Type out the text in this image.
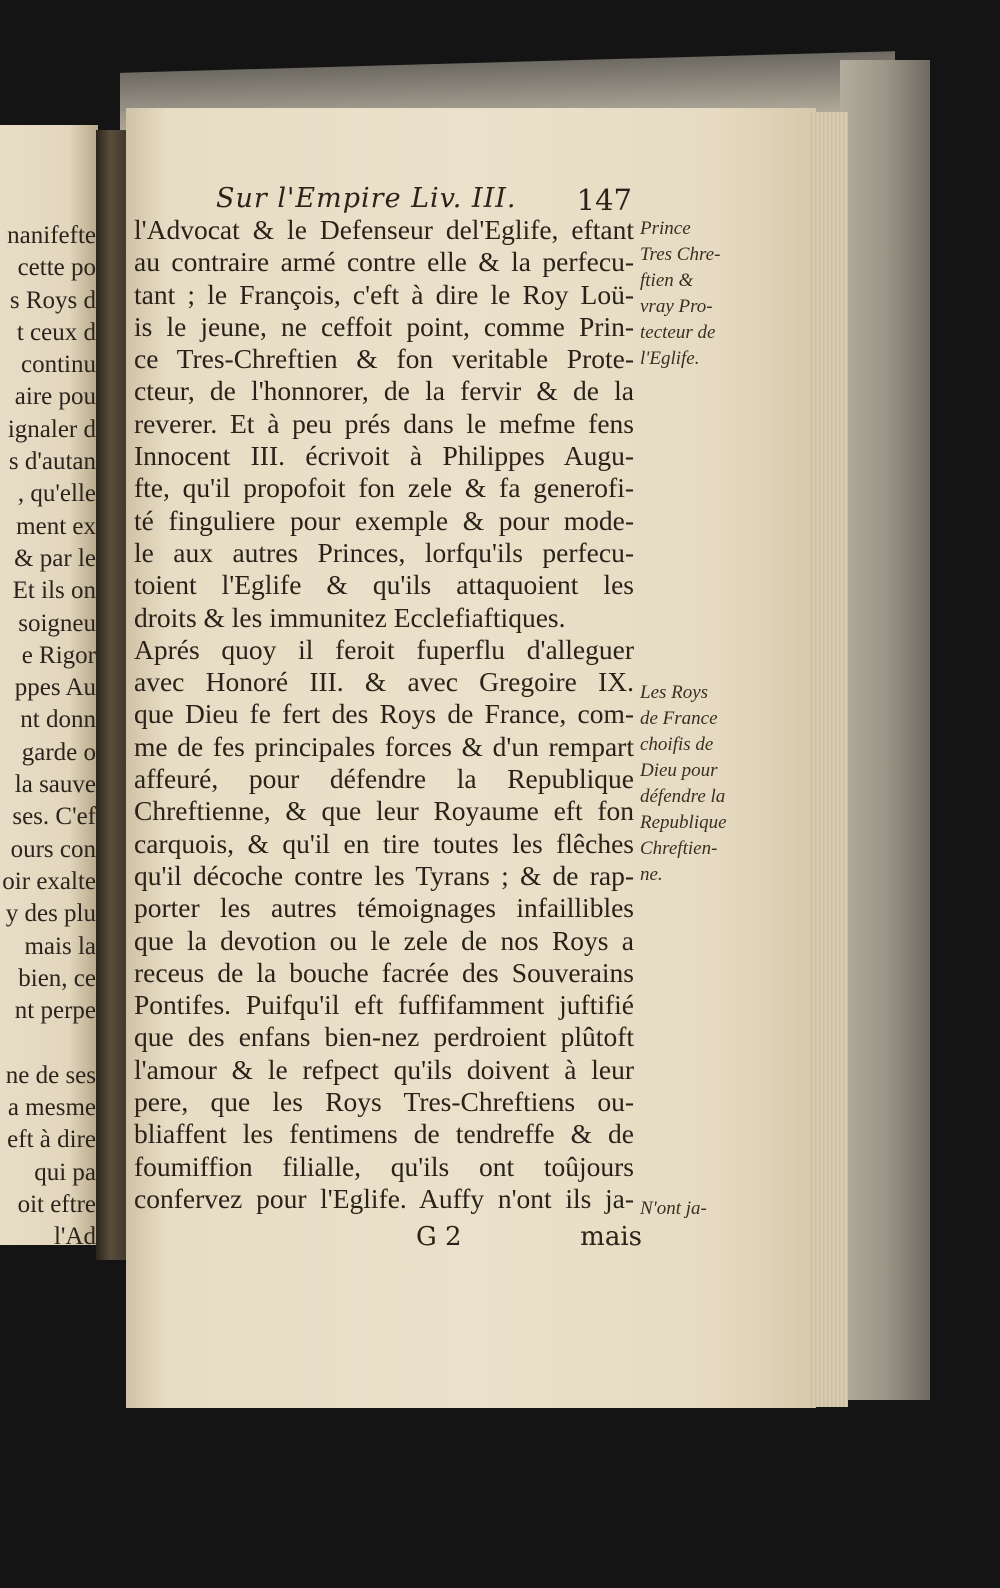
nanifefte
cette po
s Roys d
t ceux d
continu
aire pou
ignaler d
s d'autan
, qu'elle
ment ex
& par le
Et ils on
soigneu
e Rigor
ppes Au
nt donn
garde o
la sauve
ses. C'ef
ours con
oir exalte
y des plu
mais la
bien, ce
nt perpe
ne de ses
a mesme
eft à dire
qui pa
oit eftre
l'Ad
Sur l'Empire Liv. III. 147
l'Advocat & le Defenseur del'Eglife, eftant
au contraire armé contre elle & la perfecu-
tant ; le François, c'eft à dire le Roy Loü-
is le jeune, ne ceffoit point, comme Prin-
ce Tres-Chreftien & fon veritable Prote-
cteur, de l'honnorer, de la fervir & de la
reverer. Et à peu prés dans le mefme fens
Innocent III. écrivoit à Philippes Augu-
fte, qu'il propofoit fon zele & fa generofi-
té finguliere pour exemple & pour mode-
le aux autres Princes, lorfqu'ils perfecu-
toient l'Eglife & qu'ils attaquoient les
droits & les immunitez Ecclefiaftiques.
Aprés quoy il feroit fuperflu d'alleguer
avec Honoré III. & avec Gregoire IX.
que Dieu fe fert des Roys de France, com-
me de fes principales forces & d'un rempart
affeuré, pour défendre la Republique
Chreftienne, & que leur Royaume eft fon
carquois, & qu'il en tire toutes les flêches
qu'il décoche contre les Tyrans ; & de rap-
porter les autres témoignages infaillibles
que la devotion ou le zele de nos Roys a
receus de la bouche facrée des Souverains
Pontifes. Puifqu'il eft fuffifamment juftifié
que des enfans bien-nez perdroient plûtoft
l'amour & le refpect qu'ils doivent à leur
pere, que les Roys Tres-Chreftiens ou-
bliaffent les fentimens de tendreffe & de
foumiffion filialle, qu'ils ont toûjours
confervez pour l'Eglife. Auffy n'ont ils ja-
Prince
Tres Chre-
ftien &
vray Pro-
tecteur de
l'Eglife.
Les Roys
de France
choifis de
Dieu pour
défendre la
Republique
Chreftien-
ne.
N'ont ja-
G 2	mais
